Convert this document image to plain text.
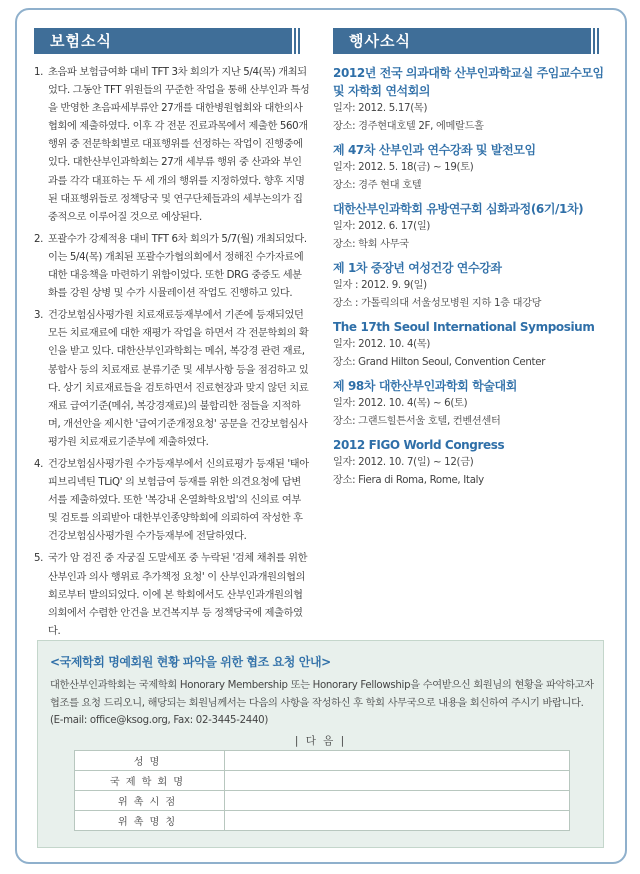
보험소식	행사소식
1. 초음파 보험급여화 대비 TFT 3차 회의가 지난 5/4(목) 개최되었다. 그동안 TFT 위원들의 꾸준한 작업을 통해 산부인과 특성을 반영한 초음파세부류안 27개를 대한병원협회와 대한의사협회에 제출하였다. 이후 각 전문 진료과목에서 제출한 560개 행위 중 전문학회별로 대표행위를 선정하는 작업이 진행중에 있다. 대한산부인과학회는 27개 세부류 행위 중 산과와 부인과를 각각 대표하는 두 세 개의 행위를 지정하였다. 향후 지명된 대표행위들로 정책당국 및 연구단체들과의 세부논의가 집중적으로 이루어질 것으로 예상된다.
2. 포괄수가 강제적용 대비 TFT 6차 회의가 5/7(월) 개최되었다. 이는 5/4(목) 개최된 포괄수가협의회에서 정해진 수가자료에 대한 대응책을 마련하기 위함이었다. 또한 DRG 중증도 세분화를 강원 상병 및 수가 시뮬레이션 작업도 진행하고 있다.
3. 건강보험심사평가원 치료재료등재부에서 기존에 등재되었던 모든 치료재료에 대한 재평가 작업을 하면서 각 전문학회의 확인을 받고 있다. 대한산부인과학회는 메쉬, 복강경 관련 재료, 봉합사 등의 치료재료 분류기준 및 세부사항 등을 점검하고 있다. 상기 치료재료들을 검토하면서 진료현장과 맞지 않던 치료재료 급여기준(메쉬, 복강경재료)의 불합리한 점들을 지적하며, 개선안을 제시한 '급여기준개정요청' 공문을 건강보험심사평가원 치료재료기준부에 제출하였다.
4. 건강보험심사평가원 수가등재부에서 신의료평가 등재된 '태아피브리넥틴 TLiQ' 의 보험급여 등재를 위한 의견요청에 답변서를 제출하였다. 또한 '복강내 온열화학요법'의 신의료 여부 및 검토를 의뢰받아 대한부인종양학회에 의뢰하여 작성한 후 건강보험심사평가원 수가등재부에 전달하였다.
5. 국가 암 검진 중 자궁질 도말세포 중 누락된 '검체 채취를 위한 산부인과 의사 행위료 추가책정 요청' 이 산부인과개원의협의회로부터 발의되었다. 이에 본 학회에서도 산부인과개원의협의회에서 수렴한 안건을 보건복지부 등 정책당국에 제출하였다.
2012년 전국 의과대학 산부인과학교실 주임교수모임 및 자학회 연석회의
일자: 2012. 5.17(목)
장소: 경주현대호텔 2F, 에메랄드홀
제 47차 산부인과 연수강좌 및 발전모임
일자: 2012. 5. 18(금) ~ 19(토)
장소: 경주 현대 호텔
대한산부인과학회 유방연구회 심화과정(6기/1차)
일자: 2012. 6. 17(일)
장소: 학회 사무국
제 1차 중장년 여성건강 연수강좌
일자 : 2012. 9. 9(일)
장소 : 가톨릭의대 서울성모병원 지하 1층 대강당
The 17th Seoul International Symposium
일자: 2012. 10. 4(목)
장소: Grand Hilton Seoul, Convention Center
제 98차 대한산부인과학회 학술대회
일자: 2012. 10. 4(목) ~ 6(토)
장소: 그랜드힐튼서울 호텔, 컨벤션센터
2012 FIGO World Congress
일자: 2012. 10. 7(일) ~ 12(금)
장소: Fiera di Roma, Rome, Italy
<국제학회 명예회원 현황 파악을 위한 협조 요청 안내>
대한산부인과학회는 국제학회 Honorary Membership 또는 Honorary Fellowship을 수여받으신 회원님의 현황을 파악하고자 협조를 요청 드리오니, 해당되는 회원님께서는 다음의 사항을 작성하신 후 학회 사무국으로 내용을 회신하여 주시기 바랍니다. (E-mail: office@ksog.org, Fax: 02-3445-2440)
| 다 음 |
성명	
국제학회명	
위촉시점	
위촉명칭	
